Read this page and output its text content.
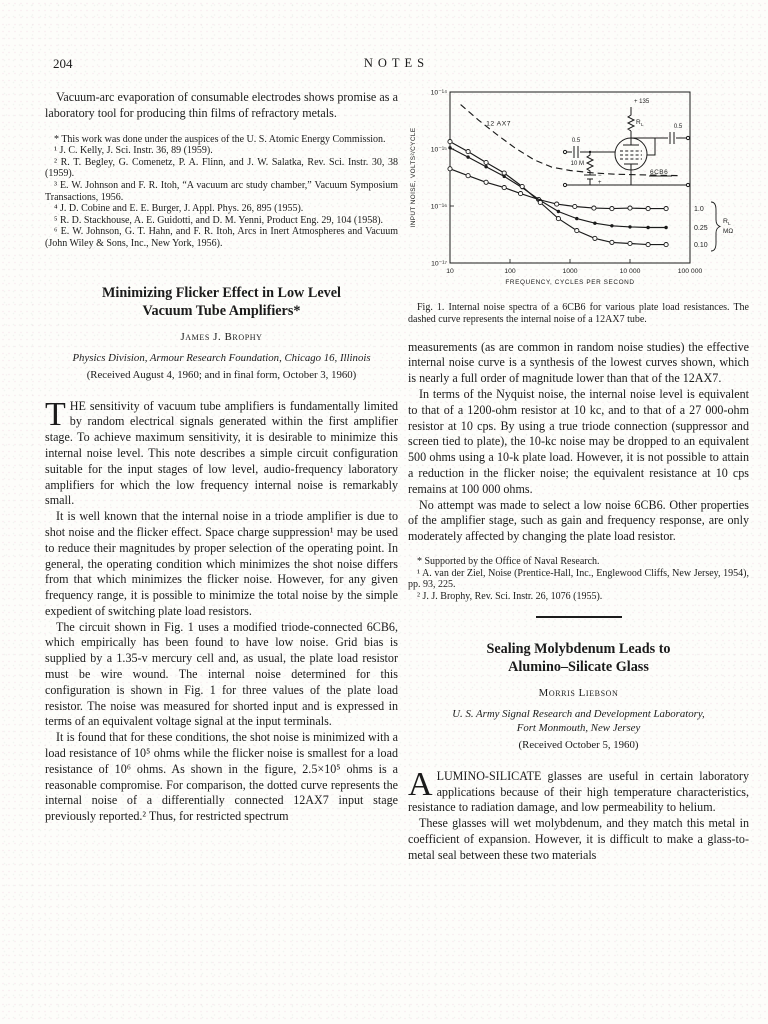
204	NOTES

Vacuum-arc evaporation of consumable electrodes shows promise as a laboratory tool for producing thin films of refractory metals.

* This work was done under the auspices of the U. S. Atomic Energy Commission.

¹ J. C. Kelly, J. Sci. Instr. 36, 89 (1959).

² R. T. Begley, G. Comenetz, P. A. Flinn, and J. W. Salatka, Rev. Sci. Instr. 30, 38 (1959).

³ E. W. Johnson and F. R. Itoh, “A vacuum arc study chamber,” Vacuum Symposium Transactions, 1956.

⁴ J. D. Cobine and E. E. Burger, J. Appl. Phys. 26, 895 (1955).

⁵ R. D. Stackhouse, A. E. Guidotti, and D. M. Yenni, Product Eng. 29, 104 (1958).

⁶ E. W. Johnson, G. T. Hahn, and F. R. Itoh, Arcs in Inert Atmospheres and Vacuum (John Wiley & Sons, Inc., New York, 1956).

Minimizing Flicker Effect in Low Level
Vacuum Tube Amplifiers*
James J. Brophy
Physics Division, Armour Research Foundation, Chicago 16, Illinois
(Received August 4, 1960; and in final form, October 3, 1960)

THE sensitivity of vacuum tube amplifiers is fundamentally limited by random electrical signals generated within the first amplifier stage. To achieve maximum sensitivity, it is desirable to minimize this internal noise level. This note describes a simple circuit configuration suitable for the input stages of low level, audio-frequency laboratory amplifiers for which the low frequency internal noise is remarkably small.

It is well known that the internal noise in a triode amplifier is due to shot noise and the flicker effect. Space charge suppression¹ may be used to reduce their magnitudes by proper selection of the operating point. In general, the operating condition which minimizes the shot noise differs from that which minimizes the flicker noise. However, for any given frequency range, it is possible to minimize the total noise by the simple expedient of switching plate load resistors.

The circuit shown in Fig. 1 uses a modified triode-connected 6CB6, which empirically has been found to have low noise. Grid bias is supplied by a 1.35-v mercury cell and, as usual, the plate load resistor must be wire wound. The internal noise determined for this configuration is shown in Fig. 1 for three values of the plate load resistor. The noise was measured for shorted input and is expressed in terms of an equivalent voltage signal at the input terminals.

It is found that for these conditions, the shot noise is minimized with a load resistance of 10⁵ ohms while the flicker noise is smallest for a load resistance of 10⁶ ohms. As shown in the figure, 2.5×10⁵ ohms is a reasonable compromise. For comparison, the dotted curve represents the internal noise of a differentially connected 12AX7 input stage previously reported.² Thus, for restricted spectrum

10	100	1000	10 000	100 000
10⁻¹⁴
10⁻¹⁵
10⁻¹⁶
10⁻¹⁷
FREQUENCY, CYCLES PER SECOND
INPUT NOISE, VOLTS²/CYCLE
12 AX7
1.0
0.25
0.10
R L
MΩ
0.5
10 M
−
+
R L
+ 135
0.5
6CB6

Fig. 1. Internal noise spectra of a 6CB6 for various plate load resistances. The dashed curve represents the internal noise of a 12AX7 tube.

measurements (as are common in random noise studies) the effective internal noise curve is a synthesis of the lowest curves shown, which is nearly a full order of magnitude lower than that of the 12AX7.

In terms of the Nyquist noise, the internal noise level is equivalent to that of a 1200-ohm resistor at 10 kc, and to that of a 27 000-ohm resistor at 10 cps. By using a true triode connection (suppressor and screen tied to plate), the 10-kc noise may be dropped to an equivalent 500 ohms using a 10-k plate load. However, it is not possible to attain a reduction in the flicker noise; the equivalent resistance at 10 cps remains at 100 000 ohms.

No attempt was made to select a low noise 6CB6. Other properties of the amplifier stage, such as gain and frequency response, are only moderately affected by changing the plate load resistor.

* Supported by the Office of Naval Research.

¹ A. van der Ziel, Noise (Prentice-Hall, Inc., Englewood Cliffs, New Jersey, 1954), pp. 93, 225.

² J. J. Brophy, Rev. Sci. Instr. 26, 1076 (1955).

Sealing Molybdenum Leads to
Alumino–Silicate Glass
Morris Liebson
U. S. Army Signal Research and Development Laboratory,
Fort Monmouth, New Jersey
(Received October 5, 1960)

ALUMINO-SILICATE glasses are useful in certain laboratory applications because of their high temperature characteristics, resistance to radiation damage, and low permeability to helium.

These glasses will wet molybdenum, and they match this metal in coefficient of expansion. However, it is difficult to make a glass-to-metal seal between these two materials
